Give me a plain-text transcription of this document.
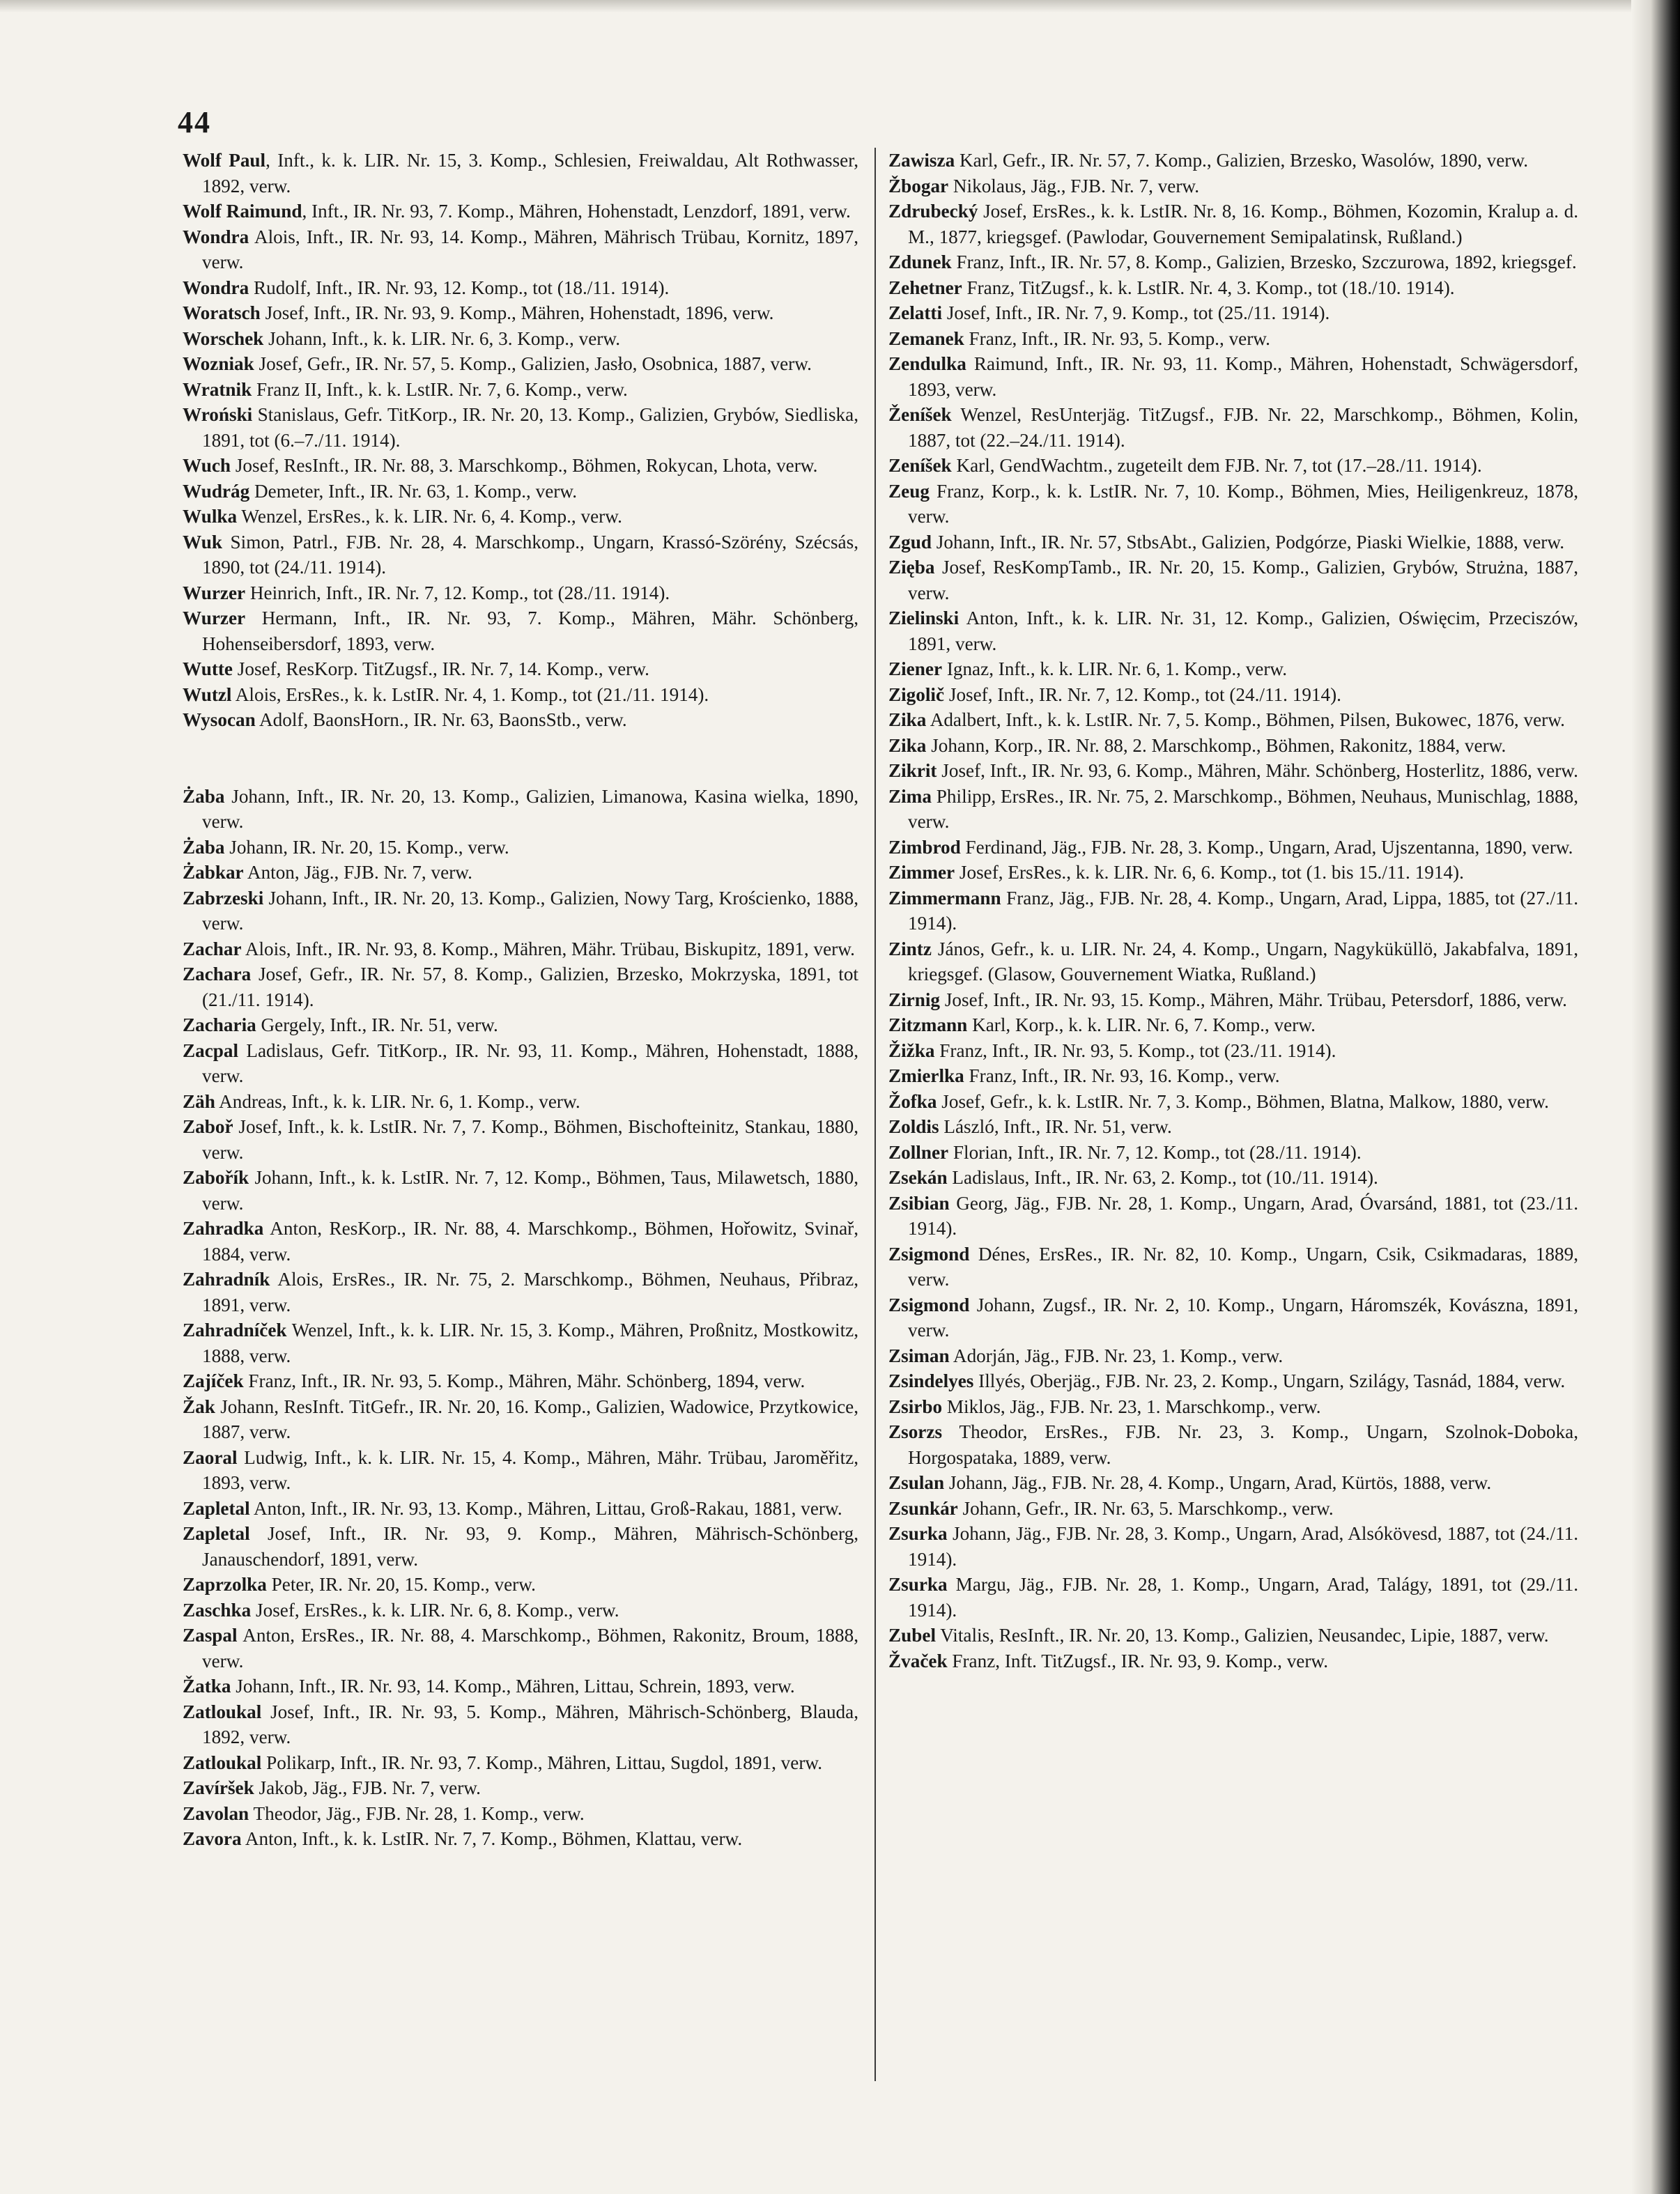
44

Wolf Paul, Inft., k. k. LIR. Nr. 15, 3. Komp., Schlesien, Freiwaldau, Alt Rothwasser, 1892, verw.

Wolf Raimund, Inft., IR. Nr. 93, 7. Komp., Mähren, Hohenstadt, Lenzdorf, 1891, verw.

Wondra Alois, Inft., IR. Nr. 93, 14. Komp., Mähren, Mährisch Trübau, Kornitz, 1897, verw.

Wondra Rudolf, Inft., IR. Nr. 93, 12. Komp., tot (18./11. 1914).

Woratsch Josef, Inft., IR. Nr. 93, 9. Komp., Mähren, Hohenstadt, 1896, verw.

Worschek Johann, Inft., k. k. LIR. Nr. 6, 3. Komp., verw.

Wozniak Josef, Gefr., IR. Nr. 57, 5. Komp., Galizien, Jasło, Osobnica, 1887, verw.

Wratnik Franz II, Inft., k. k. LstIR. Nr. 7, 6. Komp., verw.

Wroński Stanislaus, Gefr. TitKorp., IR. Nr. 20, 13. Komp., Galizien, Grybów, Siedliska, 1891, tot (6.–7./11. 1914).

Wuch Josef, ResInft., IR. Nr. 88, 3. Marschkomp., Böhmen, Rokycan, Lhota, verw.

Wudrág Demeter, Inft., IR. Nr. 63, 1. Komp., verw.

Wulka Wenzel, ErsRes., k. k. LIR. Nr. 6, 4. Komp., verw.

Wuk Simon, Patrl., FJB. Nr. 28, 4. Marschkomp., Ungarn, Krassó-Szörény, Szécsás, 1890, tot (24./11. 1914).

Wurzer Heinrich, Inft., IR. Nr. 7, 12. Komp., tot (28./11. 1914).

Wurzer Hermann, Inft., IR. Nr. 93, 7. Komp., Mähren, Mähr. Schönberg, Hohenseibersdorf, 1893, verw.

Wutte Josef, ResKorp. TitZugsf., IR. Nr. 7, 14. Komp., verw.

Wutzl Alois, ErsRes., k. k. LstIR. Nr. 4, 1. Komp., tot (21./11. 1914).

Wysocan Adolf, BaonsHorn., IR. Nr. 63, BaonsStb., verw.

Żaba Johann, Inft., IR. Nr. 20, 13. Komp., Galizien, Limanowa, Kasina wielka, 1890, verw.

Żaba Johann, IR. Nr. 20, 15. Komp., verw.

Żabkar Anton, Jäg., FJB. Nr. 7, verw.

Zabrzeski Johann, Inft., IR. Nr. 20, 13. Komp., Galizien, Nowy Targ, Krościenko, 1888, verw.

Zachar Alois, Inft., IR. Nr. 93, 8. Komp., Mähren, Mähr. Trübau, Biskupitz, 1891, verw.

Zachara Josef, Gefr., IR. Nr. 57, 8. Komp., Galizien, Brzesko, Mokrzyska, 1891, tot (21./11. 1914).

Zacharia Gergely, Inft., IR. Nr. 51, verw.

Zacpal Ladislaus, Gefr. TitKorp., IR. Nr. 93, 11. Komp., Mähren, Hohenstadt, 1888, verw.

Zäh Andreas, Inft., k. k. LIR. Nr. 6, 1. Komp., verw.

Zaboř Josef, Inft., k. k. LstIR. Nr. 7, 7. Komp., Böhmen, Bischofteinitz, Stankau, 1880, verw.

Zabořík Johann, Inft., k. k. LstIR. Nr. 7, 12. Komp., Böhmen, Taus, Milawetsch, 1880, verw.

Zahradka Anton, ResKorp., IR. Nr. 88, 4. Marschkomp., Böhmen, Hořowitz, Svinař, 1884, verw.

Zahradník Alois, ErsRes., IR. Nr. 75, 2. Marschkomp., Böhmen, Neuhaus, Přibraz, 1891, verw.

Zahradníček Wenzel, Inft., k. k. LIR. Nr. 15, 3. Komp., Mähren, Proßnitz, Mostkowitz, 1888, verw.

Zajíček Franz, Inft., IR. Nr. 93, 5. Komp., Mähren, Mähr. Schönberg, 1894, verw.

Žak Johann, ResInft. TitGefr., IR. Nr. 20, 16. Komp., Galizien, Wadowice, Przytkowice, 1887, verw.

Zaoral Ludwig, Inft., k. k. LIR. Nr. 15, 4. Komp., Mähren, Mähr. Trübau, Jaroměřitz, 1893, verw.

Zapletal Anton, Inft., IR. Nr. 93, 13. Komp., Mähren, Littau, Groß-Rakau, 1881, verw.

Zapletal Josef, Inft., IR. Nr. 93, 9. Komp., Mähren, Mährisch-Schönberg, Janauschendorf, 1891, verw.

Zaprzolka Peter, IR. Nr. 20, 15. Komp., verw.

Zaschka Josef, ErsRes., k. k. LIR. Nr. 6, 8. Komp., verw.

Zaspal Anton, ErsRes., IR. Nr. 88, 4. Marschkomp., Böhmen, Rakonitz, Broum, 1888, verw.

Žatka Johann, Inft., IR. Nr. 93, 14. Komp., Mähren, Littau, Schrein, 1893, verw.

Zatloukal Josef, Inft., IR. Nr. 93, 5. Komp., Mähren, Mährisch-Schönberg, Blauda, 1892, verw.

Zatloukal Polikarp, Inft., IR. Nr. 93, 7. Komp., Mähren, Littau, Sugdol, 1891, verw.

Zavíršek Jakob, Jäg., FJB. Nr. 7, verw.

Zavolan Theodor, Jäg., FJB. Nr. 28, 1. Komp., verw.

Zavora Anton, Inft., k. k. LstIR. Nr. 7, 7. Komp., Böhmen, Klattau, verw.

Zawisza Karl, Gefr., IR. Nr. 57, 7. Komp., Galizien, Brzesko, Wasolów, 1890, verw.

Žbogar Nikolaus, Jäg., FJB. Nr. 7, verw.

Zdrubecký Josef, ErsRes., k. k. LstIR. Nr. 8, 16. Komp., Böhmen, Kozomin, Kralup a. d. M., 1877, kriegsgef. (Pawlodar, Gouvernement Semipalatinsk, Rußland.)

Zdunek Franz, Inft., IR. Nr. 57, 8. Komp., Galizien, Brzesko, Szczurowa, 1892, kriegsgef.

Zehetner Franz, TitZugsf., k. k. LstIR. Nr. 4, 3. Komp., tot (18./10. 1914).

Zelatti Josef, Inft., IR. Nr. 7, 9. Komp., tot (25./11. 1914).

Zemanek Franz, Inft., IR. Nr. 93, 5. Komp., verw.

Zendulka Raimund, Inft., IR. Nr. 93, 11. Komp., Mähren, Hohenstadt, Schwägersdorf, 1893, verw.

Ženíšek Wenzel, ResUnterjäg. TitZugsf., FJB. Nr. 22, Marschkomp., Böhmen, Kolin, 1887, tot (22.–24./11. 1914).

Zeníšek Karl, GendWachtm., zugeteilt dem FJB. Nr. 7, tot (17.–28./11. 1914).

Zeug Franz, Korp., k. k. LstIR. Nr. 7, 10. Komp., Böhmen, Mies, Heiligenkreuz, 1878, verw.

Zgud Johann, Inft., IR. Nr. 57, StbsAbt., Galizien, Podgórze, Piaski Wielkie, 1888, verw.

Zięba Josef, ResKompTamb., IR. Nr. 20, 15. Komp., Galizien, Grybów, Strużna, 1887, verw.

Zielinski Anton, Inft., k. k. LIR. Nr. 31, 12. Komp., Galizien, Oświęcim, Przeciszów, 1891, verw.

Ziener Ignaz, Inft., k. k. LIR. Nr. 6, 1. Komp., verw.

Zigolič Josef, Inft., IR. Nr. 7, 12. Komp., tot (24./11. 1914).

Zika Adalbert, Inft., k. k. LstIR. Nr. 7, 5. Komp., Böhmen, Pilsen, Bukowec, 1876, verw.

Zika Johann, Korp., IR. Nr. 88, 2. Marschkomp., Böhmen, Rakonitz, 1884, verw.

Zikrit Josef, Inft., IR. Nr. 93, 6. Komp., Mähren, Mähr. Schönberg, Hosterlitz, 1886, verw.

Zima Philipp, ErsRes., IR. Nr. 75, 2. Marschkomp., Böhmen, Neuhaus, Munischlag, 1888, verw.

Zimbrod Ferdinand, Jäg., FJB. Nr. 28, 3. Komp., Ungarn, Arad, Ujszentanna, 1890, verw.

Zimmer Josef, ErsRes., k. k. LIR. Nr. 6, 6. Komp., tot (1. bis 15./11. 1914).

Zimmermann Franz, Jäg., FJB. Nr. 28, 4. Komp., Ungarn, Arad, Lippa, 1885, tot (27./11. 1914).

Zintz János, Gefr., k. u. LIR. Nr. 24, 4. Komp., Ungarn, Nagyküküllö, Jakabfalva, 1891, kriegsgef. (Glasow, Gouvernement Wiatka, Rußland.)

Zirnig Josef, Inft., IR. Nr. 93, 15. Komp., Mähren, Mähr. Trübau, Petersdorf, 1886, verw.

Zitzmann Karl, Korp., k. k. LIR. Nr. 6, 7. Komp., verw.

Žižka Franz, Inft., IR. Nr. 93, 5. Komp., tot (23./11. 1914).

Zmierlka Franz, Inft., IR. Nr. 93, 16. Komp., verw.

Žofka Josef, Gefr., k. k. LstIR. Nr. 7, 3. Komp., Böhmen, Blatna, Malkow, 1880, verw.

Zoldis László, Inft., IR. Nr. 51, verw.

Zollner Florian, Inft., IR. Nr. 7, 12. Komp., tot (28./11. 1914).

Zsekán Ladislaus, Inft., IR. Nr. 63, 2. Komp., tot (10./11. 1914).

Zsibian Georg, Jäg., FJB. Nr. 28, 1. Komp., Ungarn, Arad, Óvarsánd, 1881, tot (23./11. 1914).

Zsigmond Dénes, ErsRes., IR. Nr. 82, 10. Komp., Ungarn, Csik, Csikmadaras, 1889, verw.

Zsigmond Johann, Zugsf., IR. Nr. 2, 10. Komp., Ungarn, Háromszék, Kovászna, 1891, verw.

Zsiman Adorján, Jäg., FJB. Nr. 23, 1. Komp., verw.

Zsindelyes Illyés, Oberjäg., FJB. Nr. 23, 2. Komp., Ungarn, Szilágy, Tasnád, 1884, verw.

Zsirbo Miklos, Jäg., FJB. Nr. 23, 1. Marschkomp., verw.

Zsorzs Theodor, ErsRes., FJB. Nr. 23, 3. Komp., Ungarn, Szolnok-Doboka, Horgospataka, 1889, verw.

Zsulan Johann, Jäg., FJB. Nr. 28, 4. Komp., Ungarn, Arad, Kürtös, 1888, verw.

Zsunkár Johann, Gefr., IR. Nr. 63, 5. Marschkomp., verw.

Zsurka Johann, Jäg., FJB. Nr. 28, 3. Komp., Ungarn, Arad, Alsókövesd, 1887, tot (24./11. 1914).

Zsurka Margu, Jäg., FJB. Nr. 28, 1. Komp., Ungarn, Arad, Talágy, 1891, tot (29./11. 1914).

Zubel Vitalis, ResInft., IR. Nr. 20, 13. Komp., Galizien, Neusandec, Lipie, 1887, verw.

Žvaček Franz, Inft. TitZugsf., IR. Nr. 93, 9. Komp., verw.
